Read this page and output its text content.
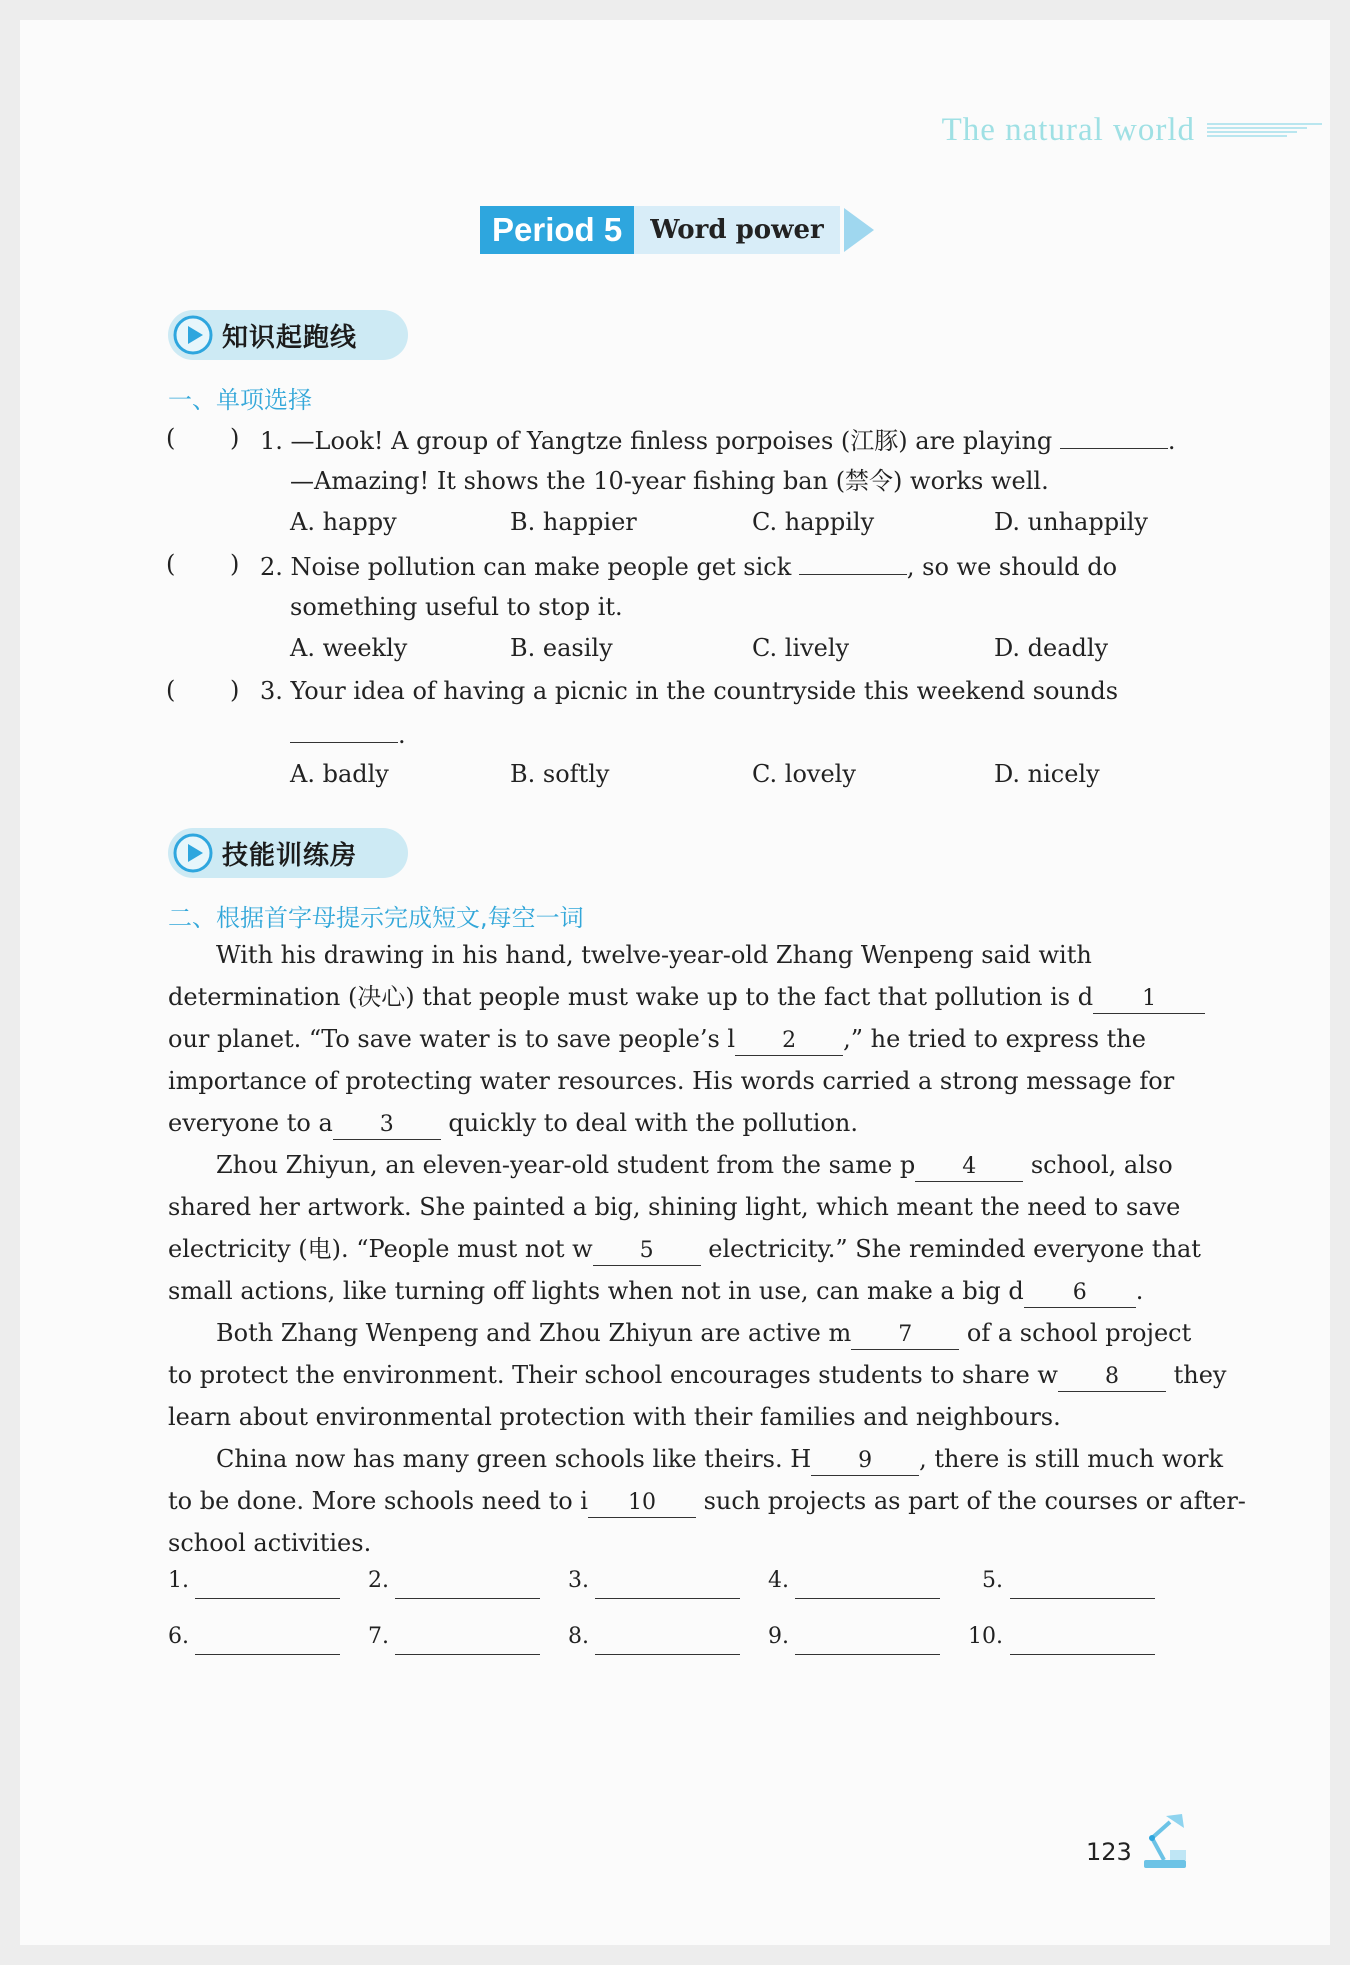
The natural world
Period 5	Word power
知识起跑线
一、单项选择
( ) 1. —Look! A group of Yangtze finless porpoises (江豚) are playing	.
—Amazing! It shows the 10-year fishing ban (禁令) works well.
A. happy	B. happier	C. happily	D. unhappily
( ) 2. Noise pollution can make people get sick	, so we should do
something useful to stop it.
A. weekly	B. easily	C. lively	D. deadly
( ) 3. Your idea of having a picnic in the countryside this weekend sounds
.
A. badly	B. softly	C. lovely	D. nicely
技能训练房
二、根据首字母提示完成短文,每空一词
With his drawing in his hand, twelve-year-old Zhang Wenpeng said with
determination (决心) that people must wake up to the fact that pollution is d 1
our planet. “To save water is to save people’s l 2 ,” he tried to express the
importance of protecting water resources. His words carried a strong message for
everyone to a 3 quickly to deal with the pollution.
Zhou Zhiyun, an eleven-year-old student from the same p 4 school, also
shared her artwork. She painted a big, shining light, which meant the need to save
electricity (电). “People must not w 5 electricity.” She reminded everyone that
small actions, like turning off lights when not in use, can make a big d 6 .
Both Zhang Wenpeng and Zhou Zhiyun are active m 7 of a school project
to protect the environment. Their school encourages students to share w 8 they
learn about environmental protection with their families and neighbours.
China now has many green schools like theirs. H 9 , there is still much work
to be done. More schools need to i 10 such projects as part of the courses or after-
school activities.
1.	2.	3.	4.	5.
6.	7.	8.	9.	10.
123
